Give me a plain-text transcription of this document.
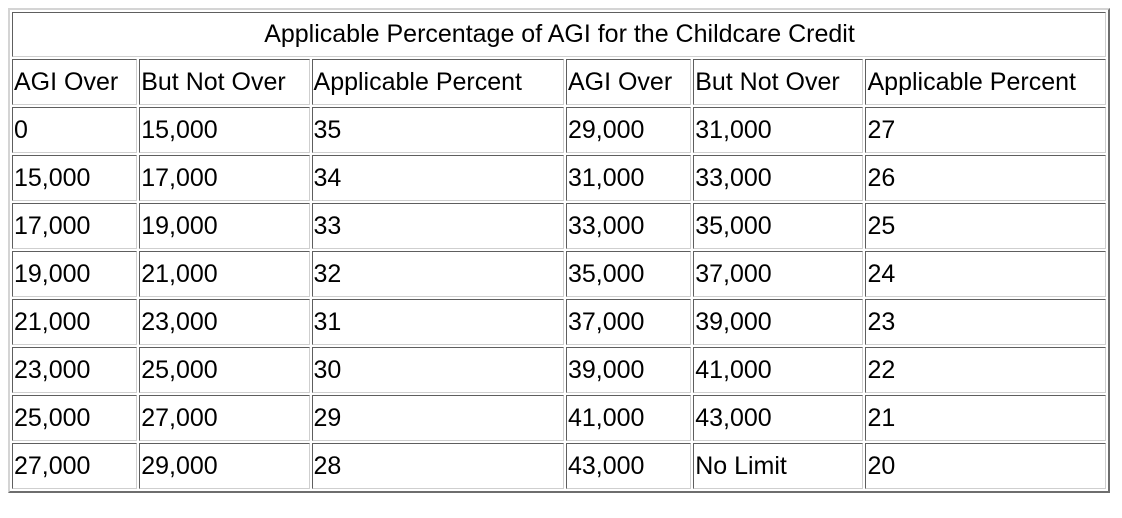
Applicable Percentage of AGI for the Childcare Credit					
AGI Over	But Not Over	Applicable Percent	AGI Over	But Not Over	Applicable Percent
0	15,000	35	29,000	31,000	27
15,000	17,000	34	31,000	33,000	26
17,000	19,000	33	33,000	35,000	25
19,000	21,000	32	35,000	37,000	24
21,000	23,000	31	37,000	39,000	23
23,000	25,000	30	39,000	41,000	22
25,000	27,000	29	41,000	43,000	21
27,000	29,000	28	43,000	No Limit	20
